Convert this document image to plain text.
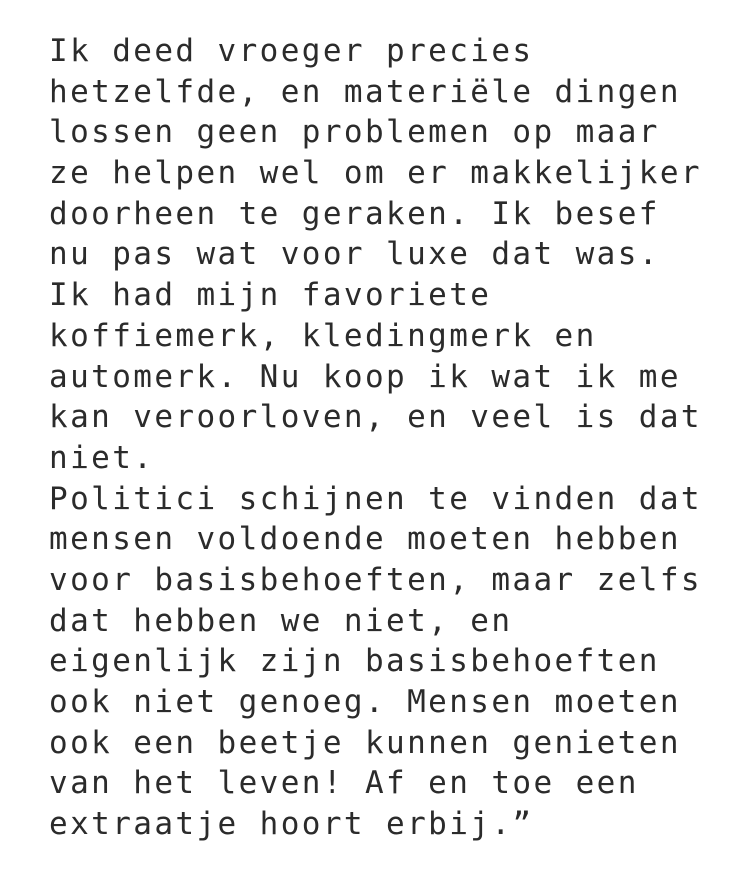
Ik deed vroeger precies
hetzelfde, en materiële dingen
lossen geen problemen op maar
ze helpen wel om er makkelijker
doorheen te geraken. Ik besef
nu pas wat voor luxe dat was.
Ik had mijn favoriete
koffiemerk, kledingmerk en
automerk. Nu koop ik wat ik me
kan veroorloven, en veel is dat
niet.
Politici schijnen te vinden dat
mensen voldoende moeten hebben
voor basisbehoeften, maar zelfs
dat hebben we niet, en
eigenlijk zijn basisbehoeften
ook niet genoeg. Mensen moeten
ook een beetje kunnen genieten
van het leven! Af en toe een
extraatje hoort erbij.”
